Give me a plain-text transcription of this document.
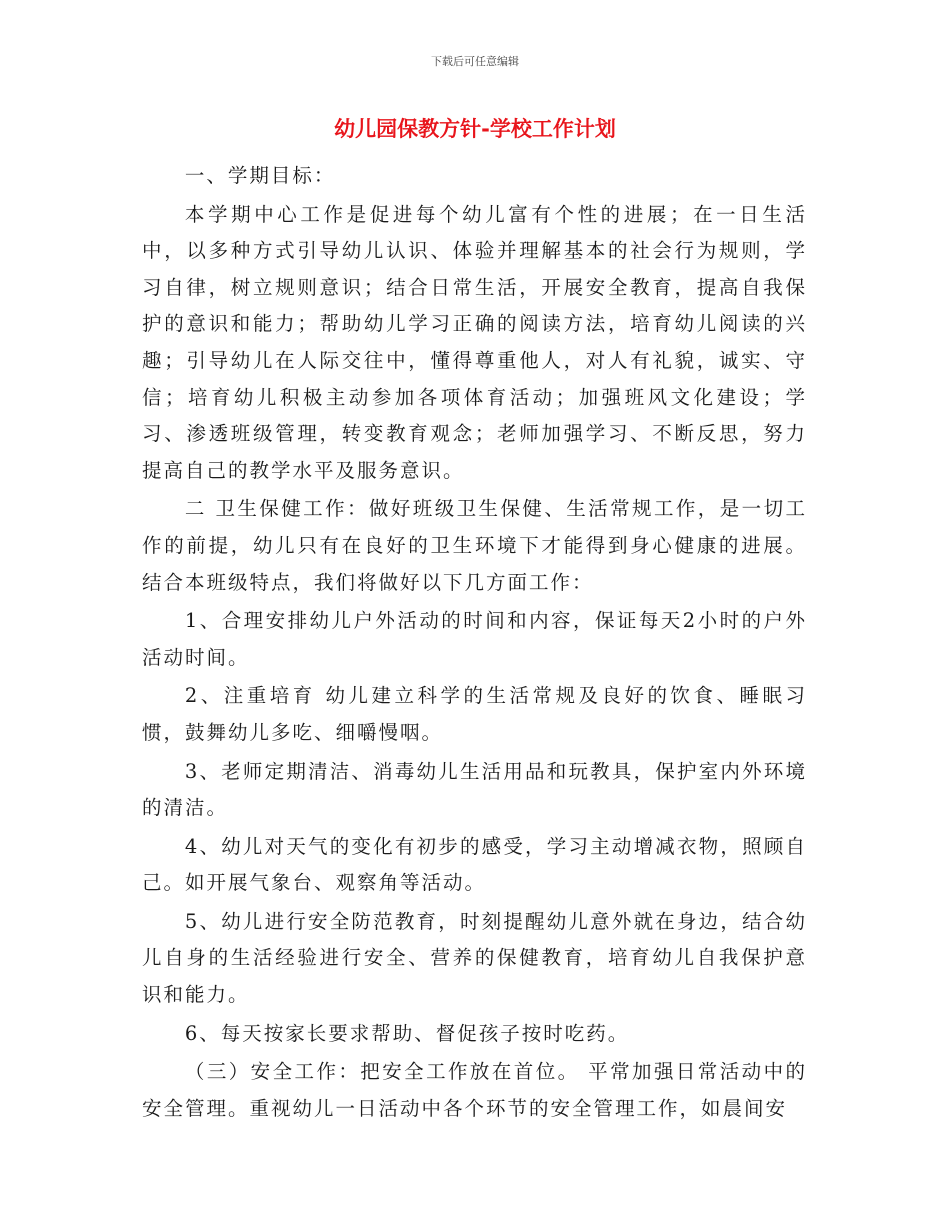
下载后可任意编辑
幼儿园保教方针-学校工作计划

一、学期目标：

本学期中心工作是促进每个幼儿富有个性的进展；在一日生活中，以多种方式引导幼儿认识、体验并理解基本的社会行为规则，学习自律，树立规则意识；结合日常生活，开展安全教育，提高自我保护的意识和能力；帮助幼儿学习正确的阅读方法，培育幼儿阅读的兴趣；引导幼儿在人际交往中，懂得尊重他人，对人有礼貌，诚实、守信；培育幼儿积极主动参加各项体育活动；加强班风文化建设；学习、渗透班级管理，转变教育观念；老师加强学习、不断反思，努力提高自己的教学水平及服务意识。

二 卫生保健工作：做好班级卫生保健、生活常规工作，是一切工作的前提，幼儿只有在良好的卫生环境下才能得到身心健康的进展。结合本班级特点，我们将做好以下几方面工作：

1、合理安排幼儿户外活动的时间和内容，保证每天2小时的户外活动时间。

2、注重培育 幼儿建立科学的生活常规及良好的饮食、睡眠习惯，鼓舞幼儿多吃、细嚼慢咽。

3、老师定期清洁、消毒幼儿生活用品和玩教具，保护室内外环境的清洁。

4、幼儿对天气的变化有初步的感受，学习主动增减衣物，照顾自己。如开展气象台、观察角等活动。

5、幼儿进行安全防范教育，时刻提醒幼儿意外就在身边，结合幼儿自身的生活经验进行安全、营养的保健教育，培育幼儿自我保护意识和能力。

6、每天按家长要求帮助、督促孩子按时吃药。

（三）安全工作：把安全工作放在首位。 平常加强日常活动中的安全管理。重视幼儿一日活动中各个环节的安全管理工作，如晨间安
